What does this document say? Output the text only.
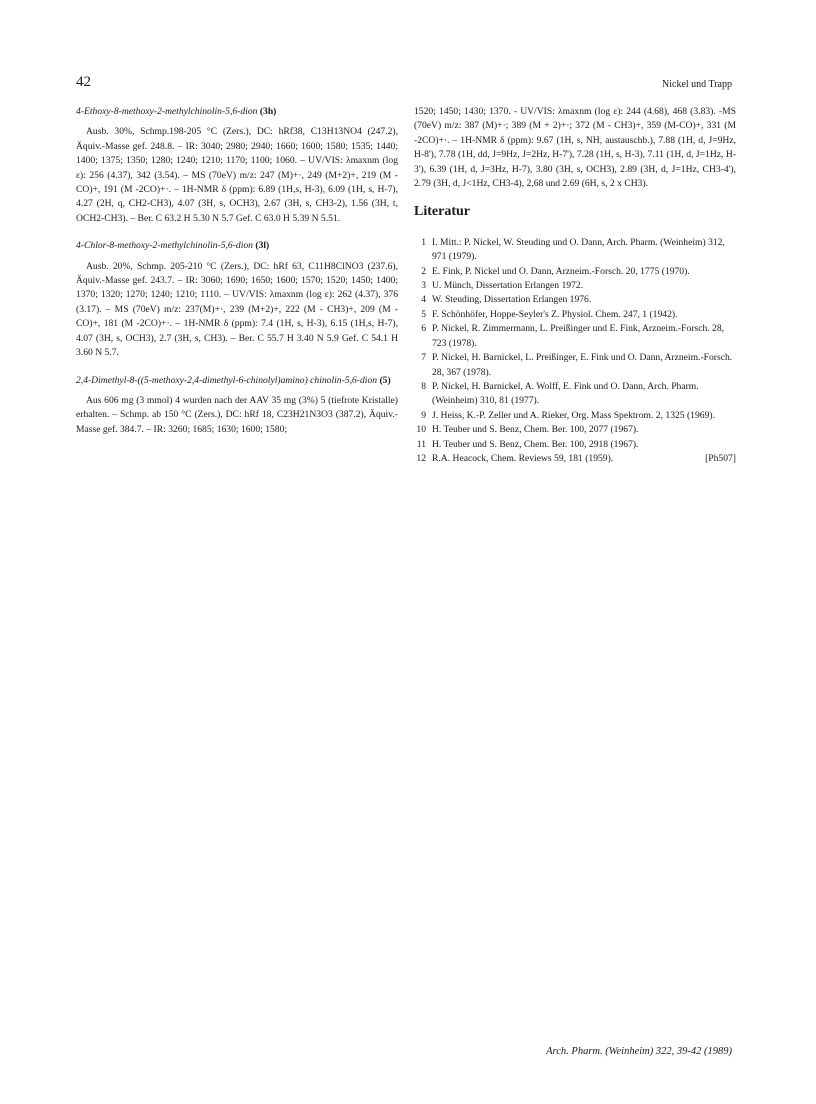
42	Nickel und Trapp

4-Ethoxy-8-methoxy-2-methylchinolin-5,6-dion (3h)

Ausb. 30%, Schmp.198-205 °C (Zers.), DC: hRf38, C13H13NO4 (247.2), Äquiv.-Masse gef. 248.8. – IR: 3040; 2980; 2940; 1660; 1600; 1580; 1535; 1440; 1400; 1375; 1350; 1280; 1240; 1210; 1170; 1100; 1060. – UV/VIS: λmaxnm (log ε): 256 (4.37), 342 (3.54). – MS (70eV) m/z: 247 (M)+·, 249 (M+2)+, 219 (M - CO)+, 191 (M -2CO)+·. – 1H-NMR δ (ppm): 6.89 (1H,s, H-3), 6.09 (1H, s, H-7), 4.27 (2H, q, CH2-CH3), 4.07 (3H, s, OCH3), 2.67 (3H, s, CH3-2), 1.56 (3H, t, OCH2-CH3). – Ber. C 63.2 H 5.30 N 5.7 Gef. C 63.0 H 5.39 N 5.51.

4-Chlor-8-methoxy-2-methylchinolin-5,6-dion (3l)

Ausb. 20%, Schmp. 205-210 °C (Zers.), DC: hRf 63, C11H8ClNO3 (237.6), Äquiv.-Masse gef. 243.7. – IR: 3060; 1690; 1650; 1600; 1570; 1520; 1450; 1400; 1370; 1320; 1270; 1240; 1210; 1110. – UV/VIS: λmaxnm (log ε): 262 (4.37), 376 (3.17). – MS (70eV) m/z: 237(M)+·, 239 (M+2)+, 222 (M - CH3)+, 209 (M - CO)+, 181 (M -2CO)+·. – 1H-NMR δ (ppm): 7.4 (1H, s, H-3), 6.15 (1H,s, H-7), 4.07 (3H, s, OCH3), 2.7 (3H, s, CH3). – Ber. C 55.7 H 3.40 N 5.9 Gef. C 54.1 H 3.60 N 5.7.

2,4-Dimethyl-8-((5-methoxy-2,4-dimethyl-6-chinolyl)amino) chinolin-5,6-dion (5)

Aus 606 mg (3 mmol) 4 wurden nach der AAV 35 mg (3%) 5 (tiefrote Kristalle) erhalten. – Schmp. ab 150 °C (Zers.), DC: hRf 18, C23H21N3O3 (387.2), Äquiv.-Masse gef. 384.7. – IR: 3260; 1685; 1630; 1600; 1580;

1520; 1450; 1430; 1370. - UV/VIS: λmaxnm (log ε): 244 (4.68), 468 (3.83). -MS (70eV) m/z: 387 (M)+·; 389 (M + 2)+·; 372 (M - CH3)+, 359 (M-CO)+, 331 (M -2CO)+·. – 1H-NMR δ (ppm): 9.67 (1H, s, NH, austauschb.), 7.88 (1H, d, J=9Hz, H-8'), 7.78 (1H, dd, J=9Hz, J=2Hz, H-7'), 7.28 (1H, s, H-3), 7.11 (1H, d, J=1Hz, H-3'), 6.39 (1H, d, J=3Hz, H-7), 3.80 (3H, s, OCH3), 2.89 (3H, d, J=1Hz, CH3-4'), 2.79 (3H, d, J<1Hz, CH3-4), 2,68 und 2.69 (6H, s, 2 x CH3).

Literatur

1 I. Mitt.: P. Nickel, W. Steuding und O. Dann, Arch. Pharm. (Weinheim) 312, 971 (1979).

2 E. Fink, P. Nickel und O. Dann, Arzneim.-Forsch. 20, 1775 (1970).

3 U. Münch, Dissertation Erlangen 1972.

4 W. Steuding, Dissertation Erlangen 1976.

5 F. Schönhöfer, Hoppe-Seyler's Z. Physiol. Chem. 247, 1 (1942).

6 P. Nickel, R. Zimmermann, L. Preißinger und E. Fink, Arzneim.-Forsch. 28, 723 (1978).

7 P. Nickel, H. Barnickel, L. Preißinger, E. Fink und O. Dann, Arzneim.-Forsch. 28, 367 (1978).

8 P. Nickel, H. Barnickel, A. Wolff, E. Fink und O. Dann, Arch. Pharm. (Weinheim) 310, 81 (1977).

9 J. Heiss, K.-P. Zeller und A. Rieker, Org. Mass Spektrom. 2, 1325 (1969).

10 H. Teuber und S. Benz, Chem. Ber. 100, 2077 (1967).

11 H. Teuber und S. Benz, Chem. Ber. 100, 2918 (1967).

12 R.A. Heacock, Chem. Reviews 59, 181 (1959).	[Ph507]

Arch. Pharm. (Weinheim) 322, 39-42 (1989)
